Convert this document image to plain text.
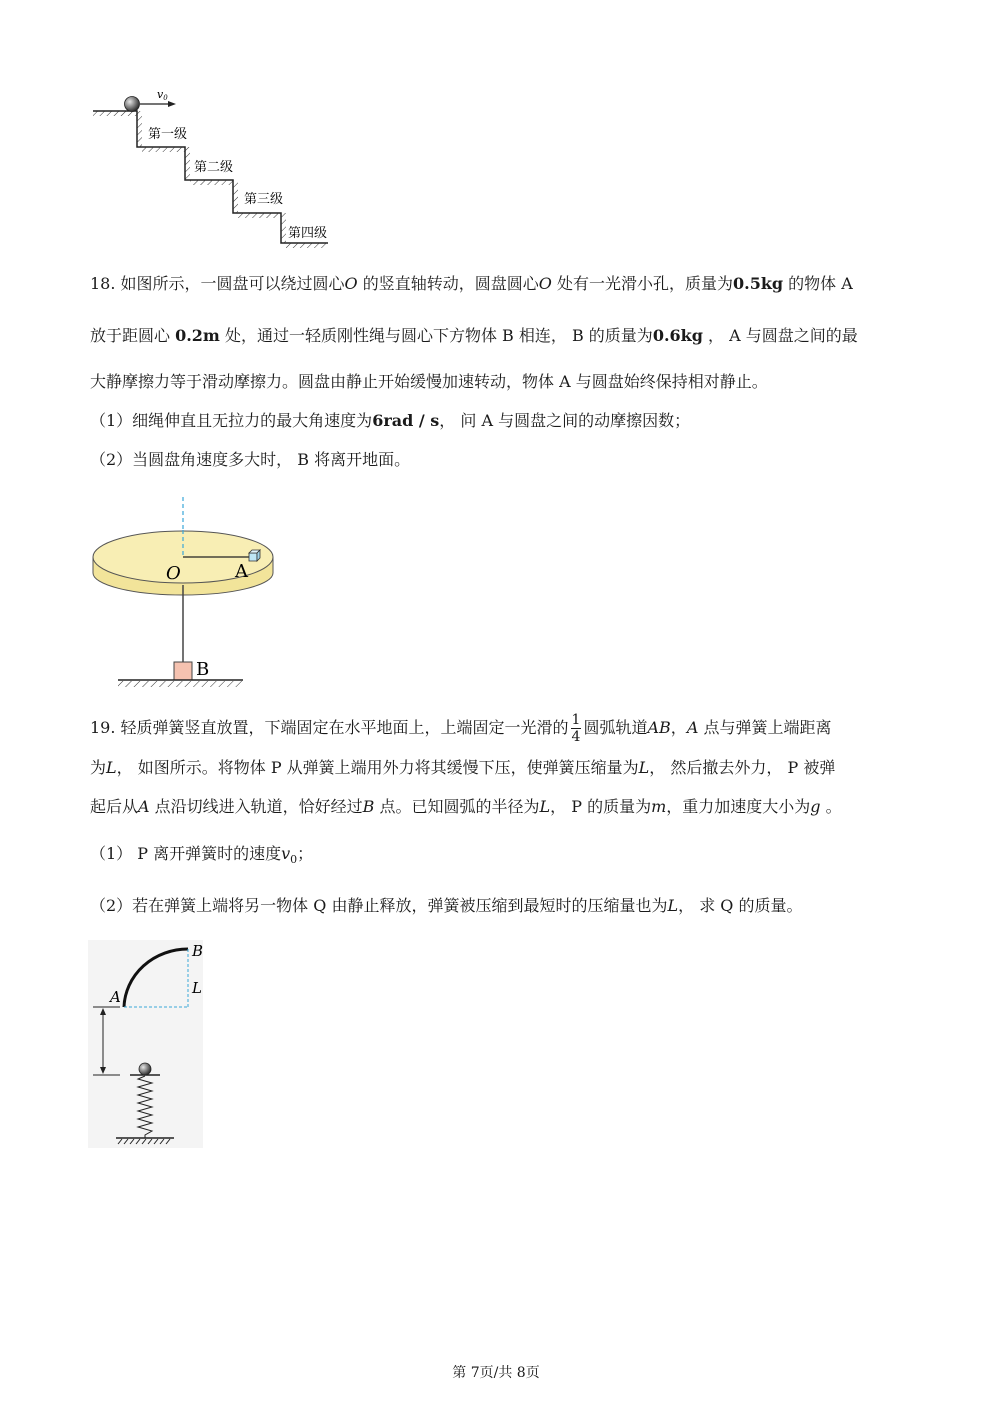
v0
第一级
第二级
第三级
第四级
18. 如图所示，一圆盘可以绕过圆心O 的竖直轴转动，圆盘圆心O 处有一光滑小孔，质量为0.5kg 的物体 A
放于距圆心 0.2m 处，通过一轻质刚性绳与圆心下方物体 B 相连， B 的质量为0.6kg ， A 与圆盘之间的最
大静摩擦力等于滑动摩擦力。圆盘由静止开始缓慢加速转动，物体 A 与圆盘始终保持相对静止。
（1）细绳伸直且无拉力的最大角速度为6rad / s， 问 A 与圆盘之间的动摩擦因数；
（2）当圆盘角速度多大时， B 将离开地面。
O	A
B
19. 轻质弹簧竖直放置，下端固定在水平地面上，上端固定一光滑的 $\frac{1}{4}$ 圆弧轨道AB，A 点与弹簧上端距离
为L， 如图所示。将物体 P 从弹簧上端用外力将其缓慢下压，使弹簧压缩量为L， 然后撤去外力， P 被弹
起后从A 点沿切线进入轨道，恰好经过B 点。已知圆弧的半径为L， P 的质量为m，重力加速度大小为g 。
（1） P 离开弹簧时的速度$v_0$；
（2）若在弹簧上端将另一物体 Q 由静止释放，弹簧被压缩到最短时的压缩量也为L， 求 Q 的质量。
B
L
A
第 7页/共 8页
